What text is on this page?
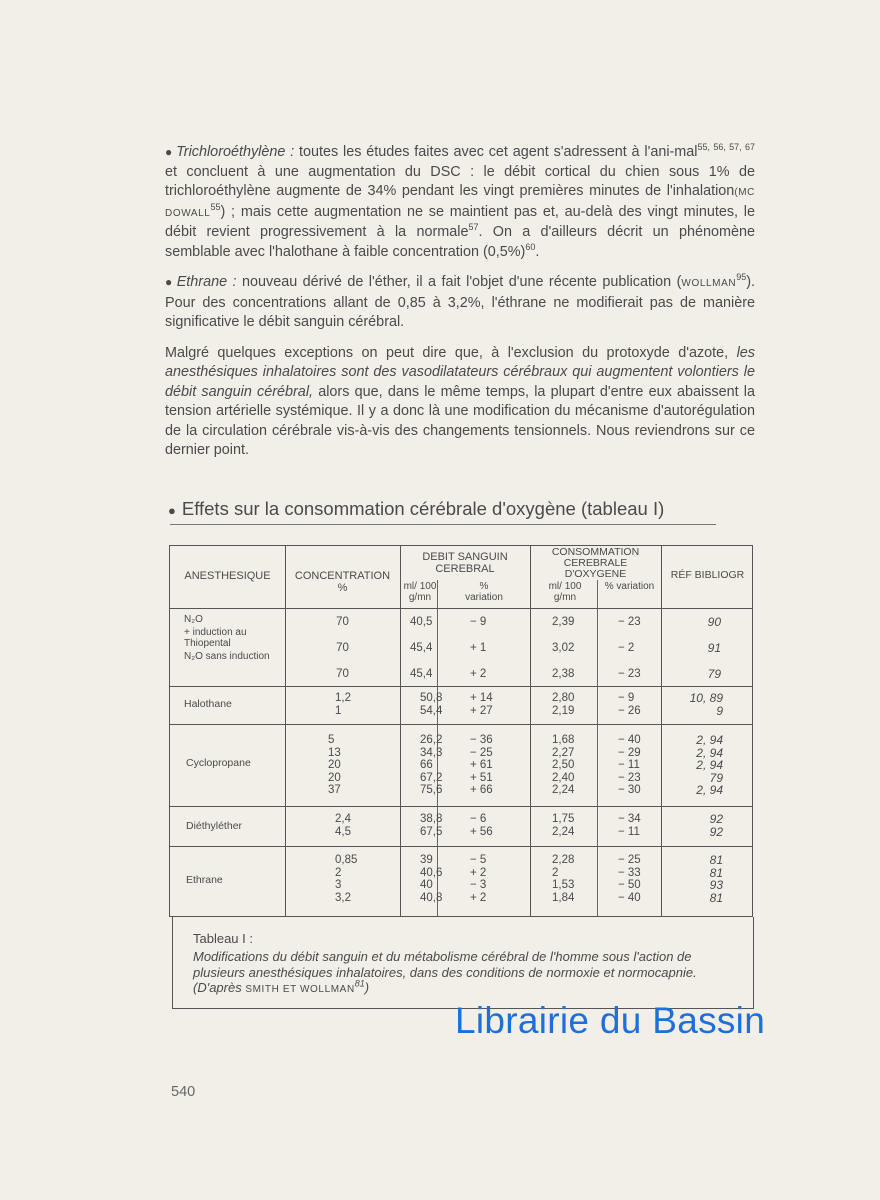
● Trichloroéthylène : toutes les études faites avec cet agent s'adressent à l'ani-mal$^{55, 56, 57, 67}$ et concluent à une augmentation du DSC : le débit cortical du chien sous 1% de trichloroéthylène augmente de 34% pendant les vingt premières minutes de l'inhalation(MC DOWALL$^{55}$) ; mais cette augmentation ne se maintient pas et, au-delà des vingt minutes, le débit revient progressivement à la normale$^{57}$. On a d'ailleurs décrit un phénomène semblable avec l'halothane à faible concentration $(0,5\%)^{60}$.

● Ethrane : nouveau dérivé de l'éther, il a fait l'objet d'une récente publication (WOLLMAN$^{95}$). Pour des concentrations allant de 0,85 à 3,2%, l'éthrane ne modifierait pas de manière significative le débit sanguin cérébral.

Malgré quelques exceptions on peut dire que, à l'exclusion du protoxyde d'azote, les anesthésiques inhalatoires sont des vasodilatateurs cérébraux qui augmentent volontiers le débit sanguin cérébral, alors que, dans le même temps, la plupart d'entre eux abaissent la tension artérielle systémique. Il y a donc là une modification du mécanisme d'autorégulation de la circulation cérébrale vis-à-vis des changements tensionnels. Nous reviendrons sur ce dernier point.

● Effets sur la consommation cérébrale d'oxygène (tableau I)
ANESTHESIQUE	CONCENTRATION
%
DEBIT SANGUIN CEREBRAL
ml/ 100 g/mn
% variation
CONSOMMATION CEREBRALE D'OXYGENE
ml/ 100 g/mn
% variation
RÉF BIBLIOGR
N₂O
+ induction au Thiopental
N₂O sans induction
70

70

70
40,5

45,4

45,4
− 9

+ 1

+ 2
2,39

3,02

2,38
− 23

− 2

− 23
90

91

79
Halothane	1,2
1
50,8
54,4
+ 14
+ 27
2,80
2,19
− 9
− 26
10, 89
9
Cyclopropane
5
13
20
20
37
26,2
34,3
66
67,2
75,6
− 36
− 25
+ 61
+ 51
+ 66
1,68
2,27
2,50
2,40
2,24
− 40
− 29
− 11
− 23
− 30
2, 94
2, 94
2, 94
79
2, 94
Diéthyléther
2,4
4,5
38,8
67,5
− 6
+ 56
1,75
2,24
− 34
− 11
92
92
Ethrane
0,85
2
3
3,2
39
40,6
40
40,8
− 5
+ 2
− 3
+ 2
2,28
2
1,53
1,84
− 25
− 33
− 50
− 40
81
81
93
81
Tableau I :
Modifications du débit sanguin et du métabolisme cérébral de l'homme sous l'action de plusieurs anesthésiques inhalatoires, dans des conditions de normoxie et normocapnie. (D'après SMITH ET WOLLMAN$^{81}$)
Librairie du Bassin
540
